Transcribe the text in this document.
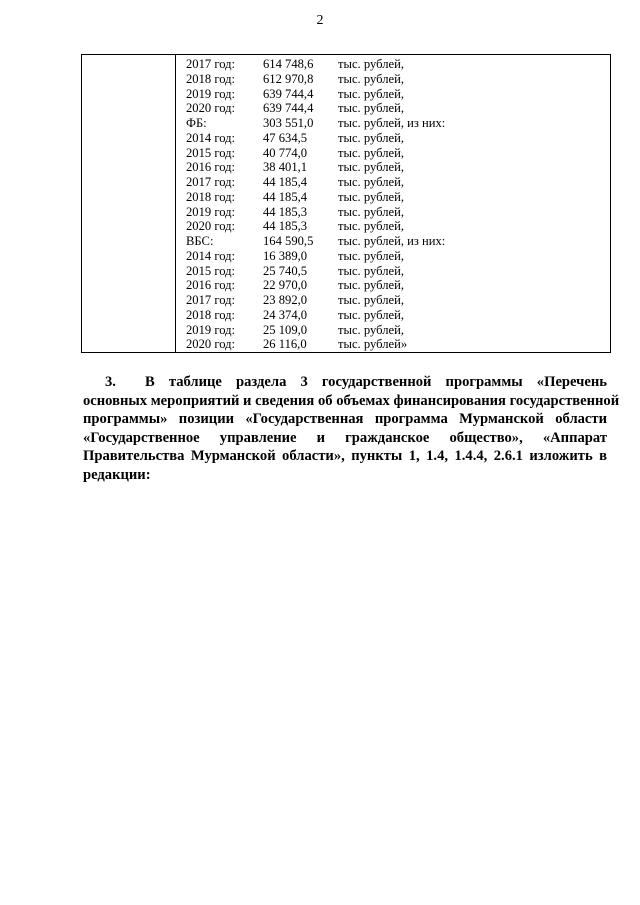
2
2017 год: 614 748,6 тыс. рублей,
2018 год: 612 970,8 тыс. рублей,
2019 год: 639 744,4 тыс. рублей,
2020 год: 639 744,4 тыс. рублей,
ФБ:	303 551,0 тыс. рублей, из них:
2014 год: 47 634,5 тыс. рублей,
2015 год: 40 774,0 тыс. рублей,
2016 год: 38 401,1 тыс. рублей,
2017 год: 44 185,4 тыс. рублей,
2018 год: 44 185,4 тыс. рублей,
2019 год: 44 185,3 тыс. рублей,
2020 год: 44 185,3 тыс. рублей,
ВБС:	164 590,5 тыс. рублей, из них:
2014 год: 16 389,0 тыс. рублей,
2015 год: 25 740,5 тыс. рублей,
2016 год: 22 970,0 тыс. рублей,
2017 год: 23 892,0 тыс. рублей,
2018 год: 24 374,0 тыс. рублей,
2019 год: 25 109,0 тыс. рублей,
2020 год: 26 116,0 тыс. рублей»
3. В таблице раздела 3 государственной программы «Перечень
основных мероприятий и сведения об объемах финансирования государственной
программы» позиции «Государственная программа Мурманской области
«Государственное управление и гражданское общество», «Аппарат
Правительства Мурманской области», пункты 1, 1.4, 1.4.4, 2.6.1 изложить в
редакции:
